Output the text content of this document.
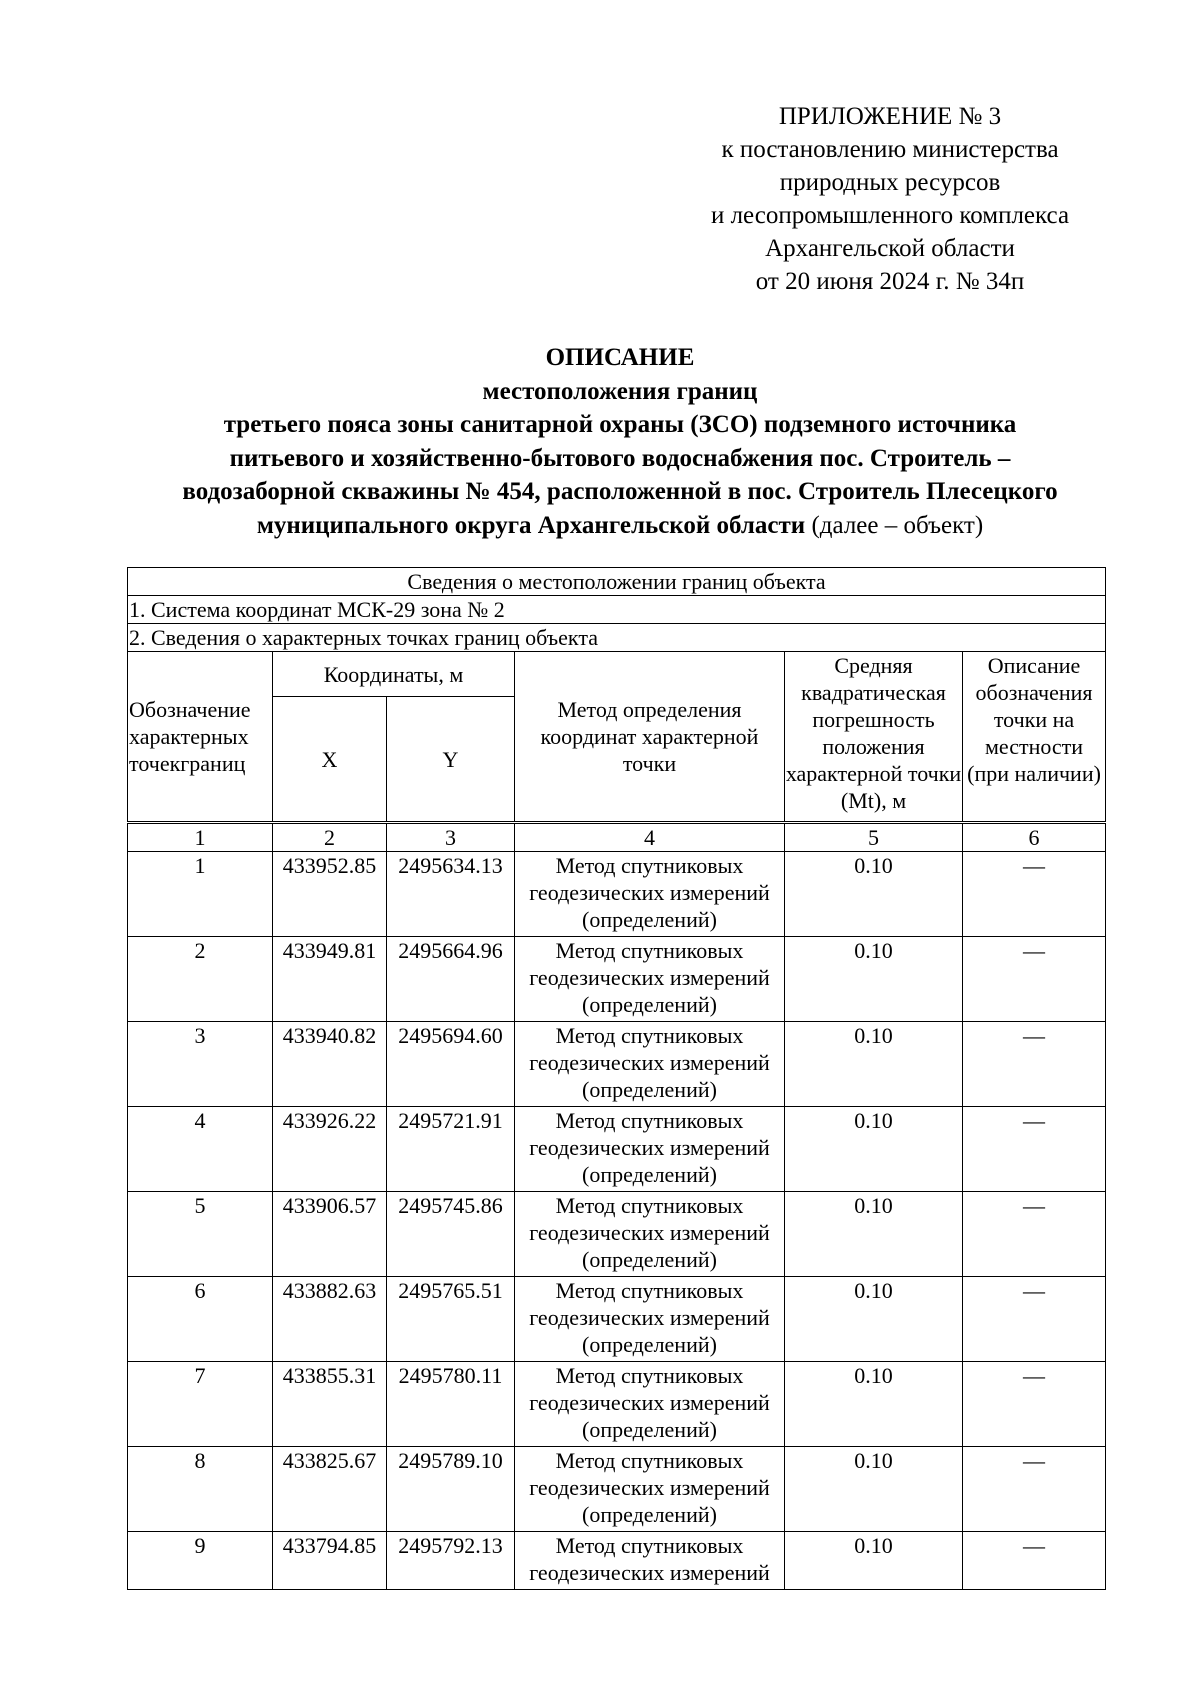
ПРИЛОЖЕНИЕ № 3
к постановлению министерства
природных ресурсов
и лесопромышленного комплекса
Архангельской области
от 20 июня 2024 г. № 34п
ОПИСАНИЕ
местоположения границ
третьего пояса зоны санитарной охраны (ЗСО) подземного источника
питьевого и хозяйственно-бытового водоснабжения пос. Строитель –
водозаборной скважины № 454, расположенной в пос. Строитель Плесецкого
муниципального округа Архангельской области (далее – объект)
Сведения о местоположении границ объекта					
1. Система координат МСК-29 зона № 2					
2. Сведения о характерных точках границ объекта					
Обозначение характерных точекграниц	Координаты, м		Метод определения координат характерной точки	Средняя квадратическая погрешность положения характерной точки (Mt), м	Описание обозначения точки на местности (при наличии)
	X	Y			
1	2	3	4	5	6
1	433952.85	2495634.13	Метод спутниковых
геодезических измерений
(определений)	0.10	—
2	433949.81	2495664.96	Метод спутниковых
геодезических измерений
(определений)	0.10	—
3	433940.82	2495694.60	Метод спутниковых
геодезических измерений
(определений)	0.10	—
4	433926.22	2495721.91	Метод спутниковых
геодезических измерений
(определений)	0.10	—
5	433906.57	2495745.86	Метод спутниковых
геодезических измерений
(определений)	0.10	—
6	433882.63	2495765.51	Метод спутниковых
геодезических измерений
(определений)	0.10	—
7	433855.31	2495780.11	Метод спутниковых
геодезических измерений
(определений)	0.10	—
8	433825.67	2495789.10	Метод спутниковых
геодезических измерений
(определений)	0.10	—
9	433794.85	2495792.13	Метод спутниковых
геодезических измерений	0.10	—
